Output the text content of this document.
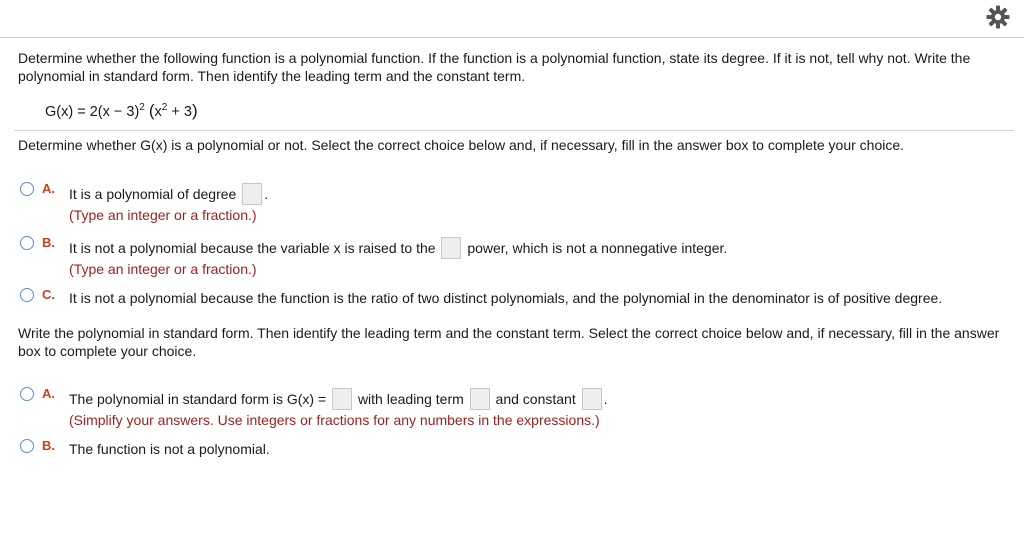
Determine whether the following function is a polynomial function. If the function is a polynomial function, state its degree. If it is not, tell why not. Write the polynomial in standard form. Then identify the leading term and the constant term.
$G(x) = 2(x - 3)^2$ $(x^2 + 3)$
Determine whether G(x) is a polynomial or not. Select the correct choice below and, if necessary, fill in the answer box to complete your choice.
A. It is a polynomial of degree .
(Type an integer or a fraction.)
B. It is not a polynomial because the variable x is raised to the power, which is not a nonnegative integer.
(Type an integer or a fraction.)
C. It is not a polynomial because the function is the ratio of two distinct polynomials, and the polynomial in the denominator is of positive degree.
Write the polynomial in standard form. Then identify the leading term and the constant term. Select the correct choice below and, if necessary, fill in the answer box to complete your choice.
A. The polynomial in standard form is G(x) = with leading term and constant .
(Simplify your answers. Use integers or fractions for any numbers in the expressions.)
B. The function is not a polynomial.
